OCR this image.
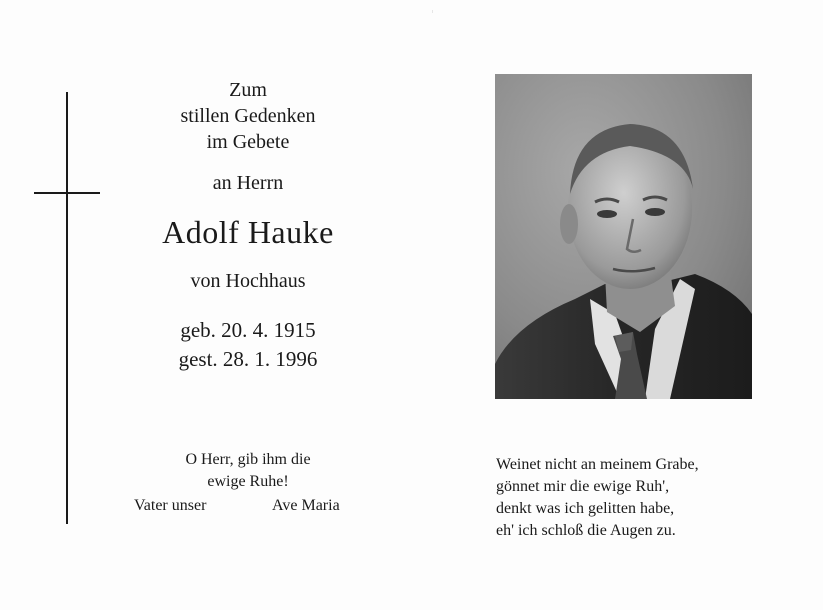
Zum
stillen Gedenken
im Gebete
an Herrn
Adolf Hauke
von Hochhaus
geb. 20. 4. 1915
gest. 28. 1. 1996
O Herr, gib ihm die
ewige Ruhe!
Vater unser	Ave Maria
Weinet nicht an meinem Grabe,
gönnet mir die ewige Ruh',
denkt was ich gelitten habe,
eh' ich schloß die Augen zu.
